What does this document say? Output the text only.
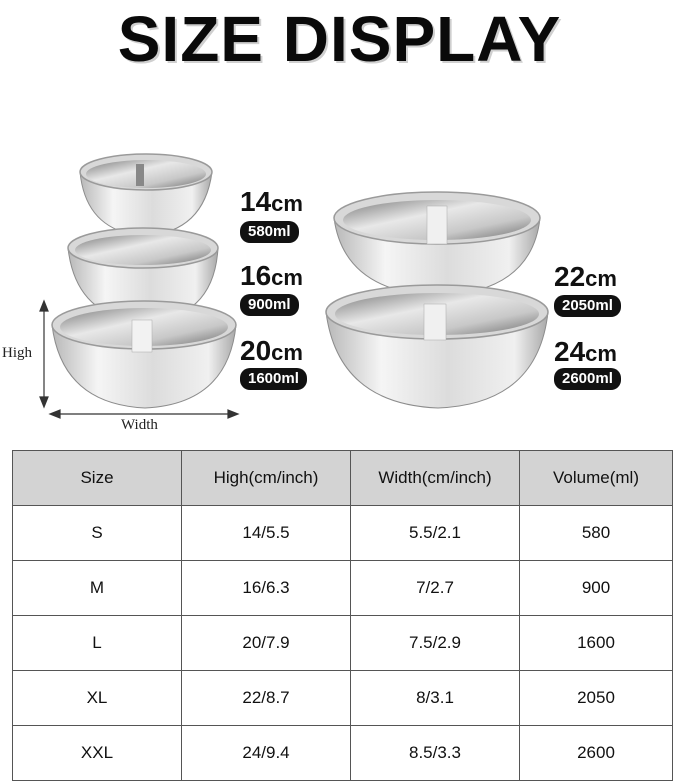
SIZE DISPLAY
High
Width
14cm
580ml
16cm
900ml
20cm
1600ml
22cm
2050ml
24cm
2600ml
Size	High(cm/inch)	Width(cm/inch)	Volume(ml)
S	14/5.5	5.5/2.1	580
M	16/6.3	7/2.7	900
L	20/7.9	7.5/2.9	1600
XL	22/8.7	8/3.1	2050
XXL	24/9.4	8.5/3.3	2600
